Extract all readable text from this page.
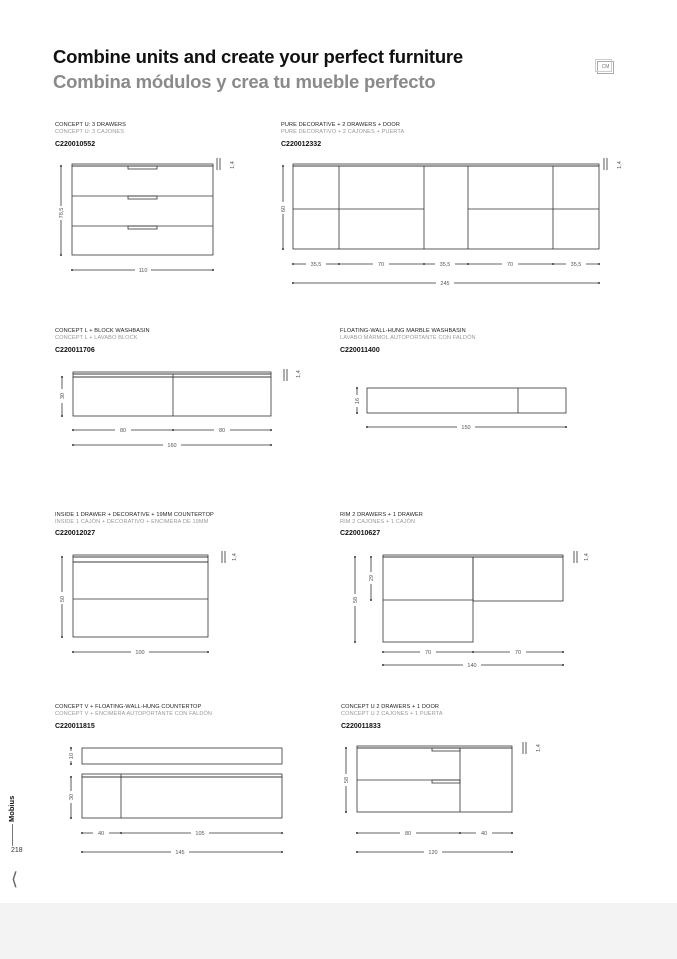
Combine units and create your perfect furniture
Combina módulos y crea tu mueble perfecto
CM
CONCEPT U: 3 DRAWERS
CONCEPT U: 3 CAJONES
C220010552
PURE DECORATIVE + 2 DRAWERS + DOOR
PURE DECORATIVO + 2 CAJONES + PUERTA
C220012332
CONCEPT L + BLOCK WASHBASIN
CONCEPT L + LAVABO BLOCK
C220011706
FLOATING-WALL-HUNG MARBLE WASHBASIN
LAVABO MÁRMOL AUTOPORTANTE CON FALDÓN
C220011400
INSIDE 1 DRAWER + DECORATIVE + 19MM COUNTERTOP
INSIDE 1 CAJÓN + DECORATIVO + ENCIMERA DE 19MM
C220012027
RIM 2 DRAWERS + 1 DRAWER
RIM 2 CAJONES + 1 CAJÓN
C220010627
CONCEPT V + FLOATING-WALL-HUNG COUNTERTOP
CONCEPT V + ENCIMERA AUTOPORTANTE CON FALDÓN
C220011815
CONCEPT U 2 DRAWERS + 1 DOOR
CONCEPT U 2 CAJONES + 1 PUERTA
C220011833
78,5
110
1,4
60
35,5	70	35,5	70	35,5
245
1,4
30
80	80
160
1,4
16
150
50
100
1,4
58
29
70	70
140
1,4
10
30
40	105
145
58
80	40
120
1,4
Mobius
218
⟨
